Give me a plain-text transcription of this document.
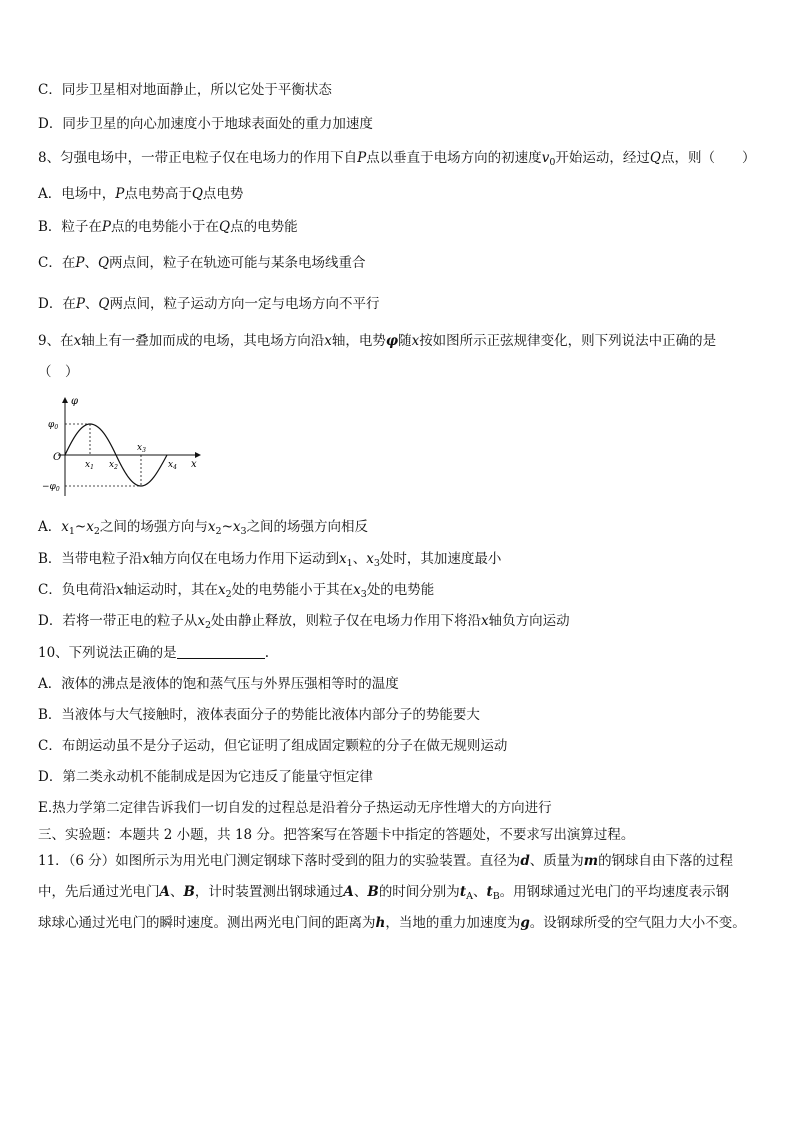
C．同步卫星相对地面静止，所以它处于平衡状态
D．同步卫星的向心加速度小于地球表面处的重力加速度
8、匀强电场中，一带正电粒子仅在电场力的作用下自P点以垂直于电场方向的初速度$v_0$开始运动，经过Q点，则（　　）
A．电场中，P点电势高于Q点电势
B．粒子在P点的电势能小于在Q点的电势能
C．在P、Q两点间，粒子在轨迹可能与某条电场线重合
D．在P、Q两点间，粒子运动方向一定与电场方向不平行
9、在x轴上有一叠加而成的电场，其电场方向沿x轴，电势φ随x按如图所示正弦规律变化，则下列说法中正确的是
（　）
φ
$\varphi_0$
$-\varphi_0$
O
x
$x_1$ $x_2$
$x_3$
$x_4$
A．$x_1\sim x_2$之间的场强方向与$x_2\sim x_3$之间的场强方向相反
B．当带电粒子沿x轴方向仅在电场力作用下运动到$x_1$、$x_3$处时，其加速度最小
C．负电荷沿x轴运动时，其在$x_2$处的电势能小于其在$x_3$处的电势能
D．若将一带正电的粒子从$x_2$处由静止释放，则粒子仅在电场力作用下将沿x轴负方向运动
10、下列说法正确的是	.
A．液体的沸点是液体的饱和蒸气压与外界压强相等时的温度
B．当液体与大气接触时，液体表面分子的势能比液体内部分子的势能要大
C．布朗运动虽不是分子运动，但它证明了组成固定颗粒的分子在做无规则运动
D．第二类永动机不能制成是因为它违反了能量守恒定律
E.热力学第二定律告诉我们一切自发的过程总是沿着分子热运动无序性增大的方向进行
三、实验题：本题共 2 小题，共 18 分。把答案写在答题卡中指定的答题处，不要求写出演算过程。
11．（6 分）如图所示为用光电门测定钢球下落时受到的阻力的实验装置。直径为d、质量为m的钢球自由下落的过程
中，先后通过光电门A、B，计时装置测出钢球通过A、B的时间分别为$t_A$、$t_B$。用钢球通过光电门的平均速度表示钢
球球心通过光电门的瞬时速度。测出两光电门间的距离为h，当地的重力加速度为g。设钢球所受的空气阻力大小不变。
